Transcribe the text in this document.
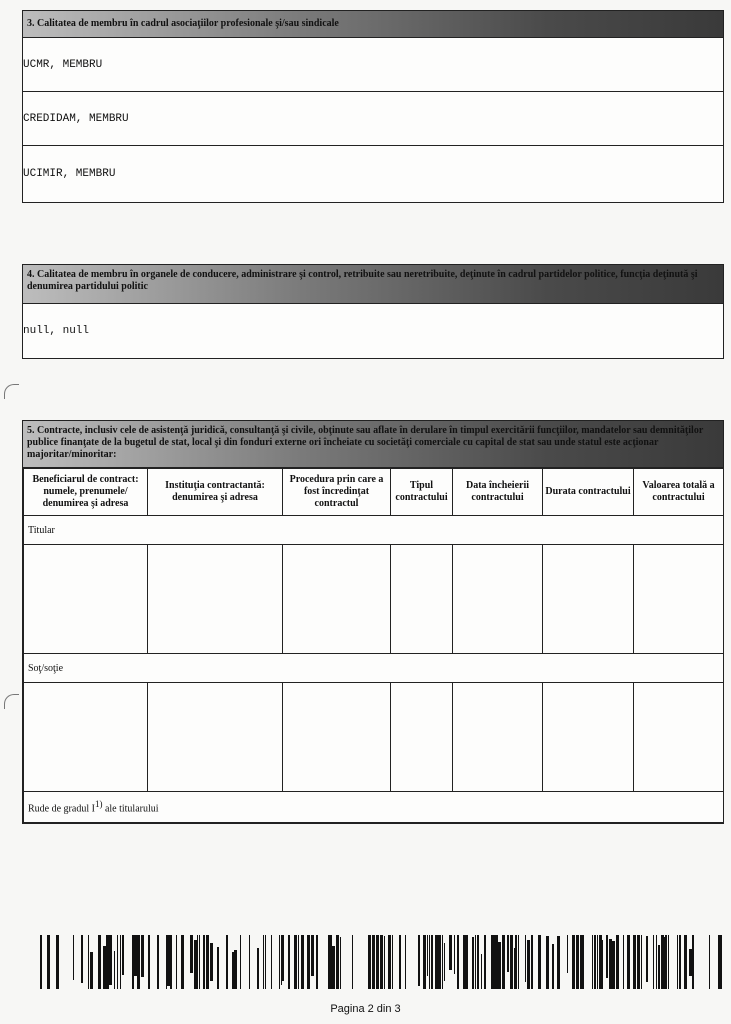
3. Calitatea de membru în cadrul asociaţiilor profesionale şi/sau sindicale
UCMR, MEMBRU
CREDIDAM, MEMBRU
UCIMIR, MEMBRU
4. Calitatea de membru în organele de conducere, administrare şi control, retribuite sau neretribuite, deţinute în cadrul partidelor politice, funcţia deţinută şi denumirea partidului politic
null, null
5. Contracte, inclusiv cele de asistenţă juridică, consultanţă şi civile, obţinute sau aflate în derulare în timpul exercitării funcţiilor, mandatelor sau demnităţilor publice finanţate de la bugetul de stat, local şi din fonduri externe ori încheiate cu societăţi comerciale cu capital de stat sau unde statul este acţionar majoritar/minoritar:
Beneficiarul de contract: numele, prenumele/ denumirea şi adresa	Instituţia contractantă: denumirea şi adresa	Procedura prin care a fost încredinţat contractul	Tipul contractului	Data încheierii contractului	Durata contractului	Valoarea totală a contractului
Titular						

Soţ/soţie						

Rude de gradul $I^{1)}$ ale titularului						
Pagina 2 din 3
